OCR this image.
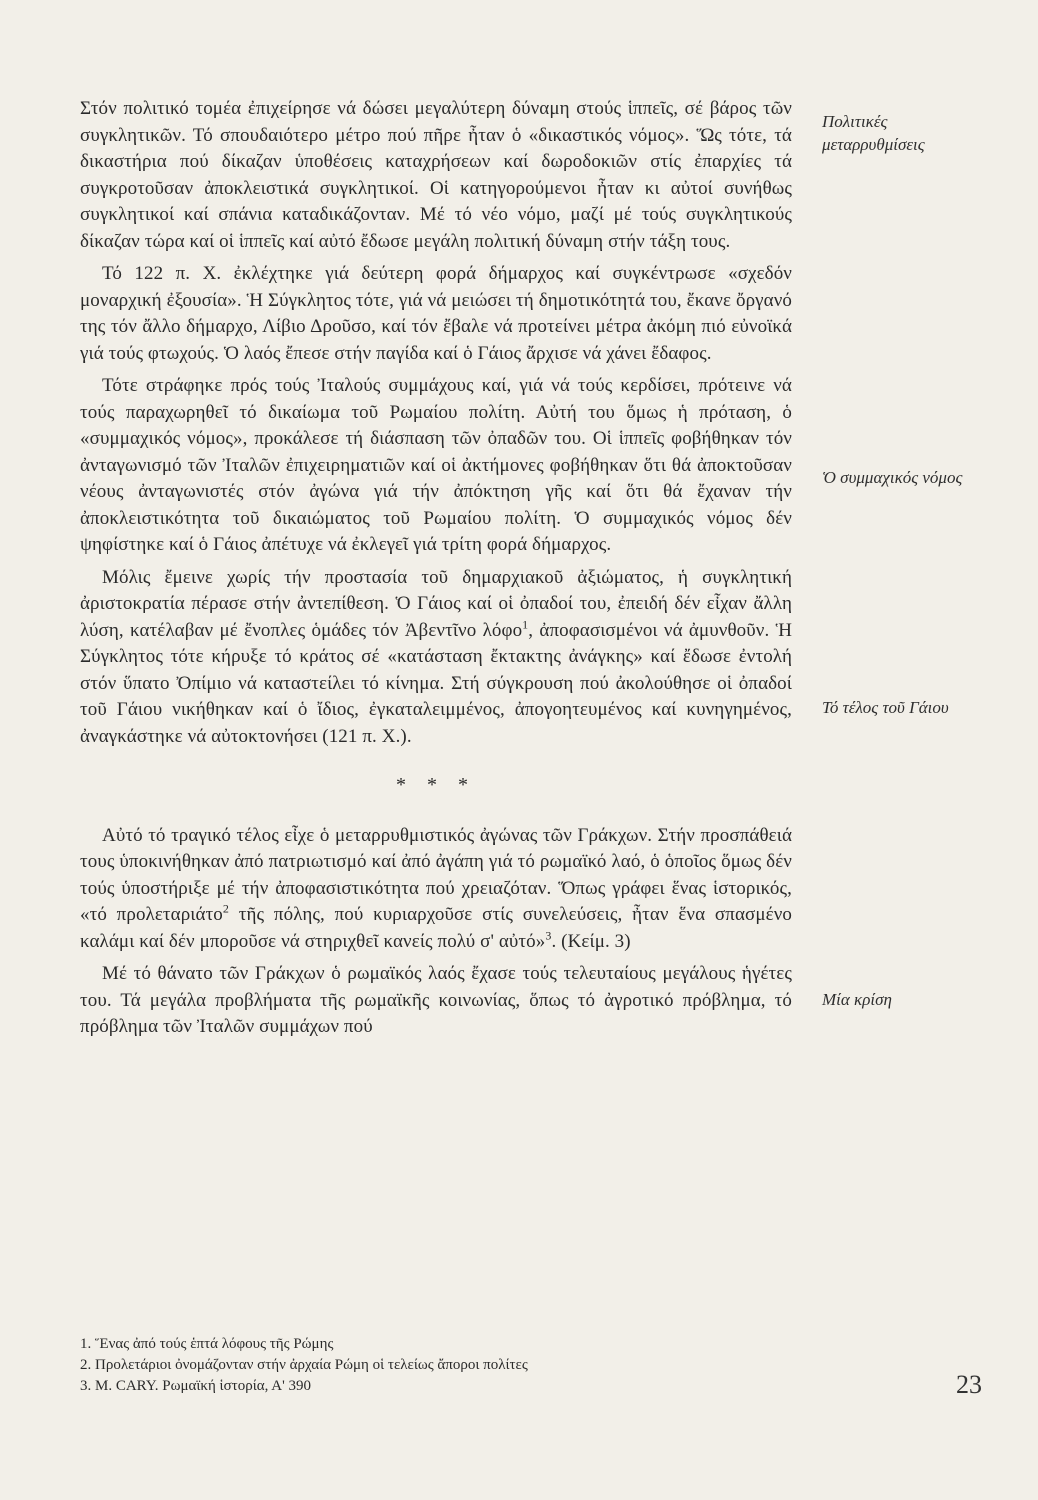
Στόν πολιτικό τομέα ἐπιχείρησε νά δώσει μεγαλύτερη δύναμη στούς ἱππεῖς, σέ βάρος τῶν συγκλητικῶν. Τό σπουδαιότερο μέτρο πού πῆρε ἦταν ὁ «δικαστικός νόμος». Ὥς τότε, τά δικαστήρια πού δίκαζαν ὑποθέσεις καταχρήσεων καί δωροδοκιῶν στίς ἐπαρχίες τά συγκροτοῦσαν ἀποκλειστικά συγκλητικοί. Οἱ κατηγορούμενοι ἦταν κι αὐτοί συνήθως συγκλητικοί καί σπάνια καταδικάζονταν. Μέ τό νέο νόμο, μαζί μέ τούς συγκλητικούς δίκαζαν τώρα καί οἱ ἱππεῖς καί αὐτό ἔδωσε μεγάλη πολιτική δύναμη στήν τάξη τους.

Τό 122 π. Χ. ἐκλέχτηκε γιά δεύτερη φορά δήμαρχος καί συγκέντρωσε «σχεδόν μοναρχική ἐξουσία». Ἡ Σύγκλητος τότε, γιά νά μειώσει τή δημοτικότητά του, ἔκανε ὄργανό της τόν ἄλλο δήμαρχο, Λίβιο Δροῦσο, καί τόν ἔβαλε νά προτείνει μέτρα ἀκόμη πιό εὐνοϊκά γιά τούς φτωχούς. Ὁ λαός ἔπεσε στήν παγίδα καί ὁ Γάιος ἄρχισε νά χάνει ἔδαφος.

Τότε στράφηκε πρός τούς Ἰταλούς συμμάχους καί, γιά νά τούς κερδίσει, πρότεινε νά τούς παραχωρηθεῖ τό δικαίωμα τοῦ Ρωμαίου πολίτη. Αὐτή του ὅμως ἡ πρόταση, ὁ «συμμαχικός νόμος», προκάλεσε τή διάσπαση τῶν ὀπαδῶν του. Οἱ ἱππεῖς φοβήθηκαν τόν ἀνταγωνισμό τῶν Ἰταλῶν ἐπιχειρηματιῶν καί οἱ ἀκτήμονες φοβήθηκαν ὅτι θά ἀποκτοῦσαν νέους ἀνταγωνιστές στόν ἀγώνα γιά τήν ἀπόκτηση γῆς καί ὅτι θά ἔχαναν τήν ἀποκλειστικότητα τοῦ δικαιώματος τοῦ Ρωμαίου πολίτη. Ὁ συμμαχικός νόμος δέν ψηφίστηκε καί ὁ Γάιος ἀπέτυχε νά ἐκλεγεῖ γιά τρίτη φορά δήμαρχος.

Μόλις ἔμεινε χωρίς τήν προστασία τοῦ δημαρχιακοῦ ἀξιώματος, ἡ συγκλητική ἀριστοκρατία πέρασε στήν ἀντεπίθεση. Ὁ Γάιος καί οἱ ὀπαδοί του, ἐπειδή δέν εἶχαν ἄλλη λύση, κατέλαβαν μέ ἔνοπλες ὁμάδες τόν Ἀβεντῖνο λόφο$^1$, ἀποφασισμένοι νά ἀμυνθοῦν. Ἡ Σύγκλητος τότε κήρυξε τό κράτος σέ «κατάσταση ἔκτακτης ἀνάγκης» καί ἔδωσε ἐντολή στόν ὕπατο Ὀπίμιο νά καταστείλει τό κίνημα. Στή σύγκρουση πού ἀκολούθησε οἱ ὀπαδοί τοῦ Γάιου νικήθηκαν καί ὁ ἴδιος, ἐγκαταλειμμένος, ἀπογοητευμένος καί κυνηγημένος, ἀναγκάστηκε νά αὐτοκτονήσει (121 π. Χ.).

* * *

Αὐτό τό τραγικό τέλος εἶχε ὁ μεταρρυθμιστικός ἀγώνας τῶν Γράκχων. Στήν προσπάθειά τους ὑποκινήθηκαν ἀπό πατριωτισμό καί ἀπό ἀγάπη γιά τό ρωμαϊκό λαό, ὁ ὁποῖος ὅμως δέν τούς ὑποστήριξε μέ τήν ἀποφασιστικότητα πού χρειαζόταν. Ὅπως γράφει ἕνας ἱστορικός, «τό προλεταριάτο$^2$ τῆς πόλης, πού κυριαρχοῦσε στίς συνελεύσεις, ἦταν ἕνα σπασμένο καλάμι καί δέν μποροῦσε νά στηριχθεῖ κανείς πολύ σ' αὐτό»$^3$. (Κείμ. 3)

Μέ τό θάνατο τῶν Γράκχων ὁ ρωμαϊκός λαός ἔχασε τούς τελευταίους μεγάλους ἡγέτες του. Τά μεγάλα προβλήματα τῆς ρωμαϊκῆς κοινωνίας, ὅπως τό ἀγροτικό πρόβλημα, τό πρόβλημα τῶν Ἰταλῶν συμμάχων πού

Πολιτικές μεταρρυθμίσεις
Ὁ συμμαχικός νόμος
Τό τέλος τοῦ Γάιου
Μία κρίση

1. Ἕνας ἀπό τούς ἑπτά λόφους τῆς Ρώμης

2. Προλετάριοι ὀνομάζονταν στήν ἀρχαία Ρώμη οἱ τελείως ἄποροι πολίτες

3. M. CARY. Ρωμαϊκή ἱστορία, Α' 390	23
